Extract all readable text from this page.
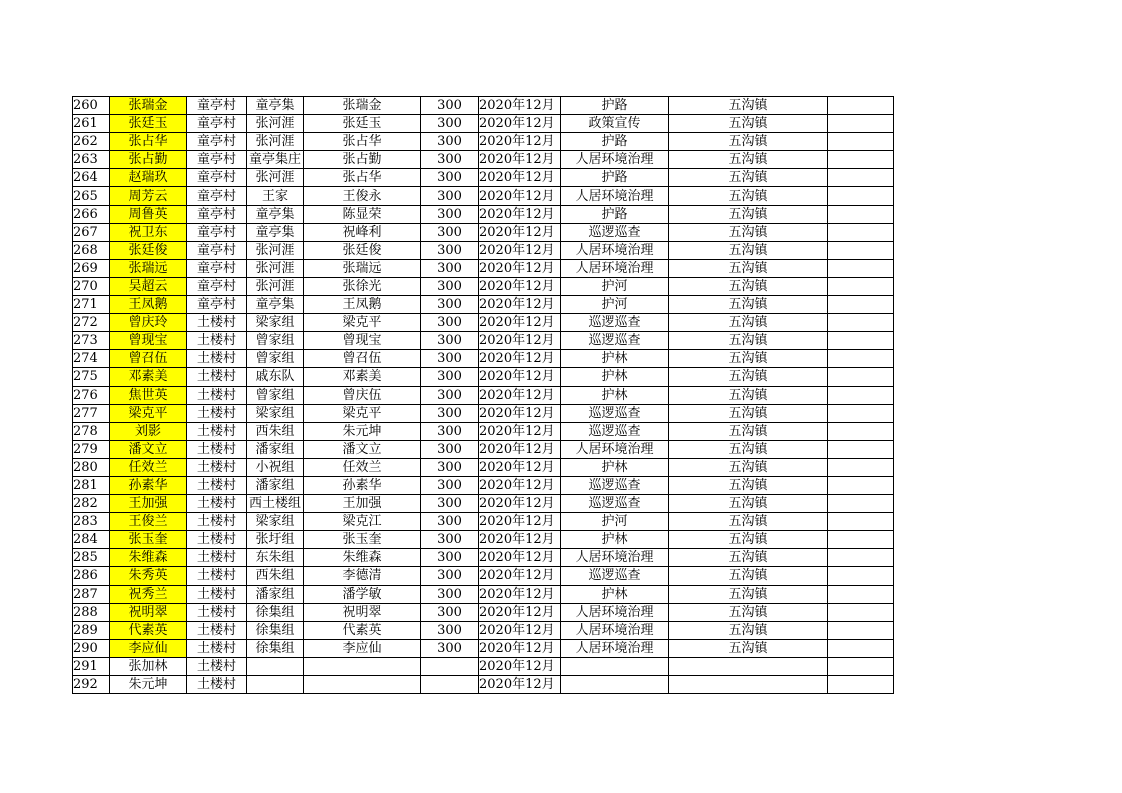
260	张瑞金	童亭村	童亭集	张瑞金	300	2020年12月	护路	五沟镇	
261	张廷玉	童亭村	张河涯	张廷玉	300	2020年12月	政策宣传	五沟镇	
262	张占华	童亭村	张河涯	张占华	300	2020年12月	护路	五沟镇	
263	张占勤	童亭村	童亭集庄	张占勤	300	2020年12月	人居环境治理	五沟镇	
264	赵瑞玖	童亭村	张河涯	张占华	300	2020年12月	护路	五沟镇	
265	周芳云	童亭村	王家	王俊永	300	2020年12月	人居环境治理	五沟镇	
266	周鲁英	童亭村	童亭集	陈显荣	300	2020年12月	护路	五沟镇	
267	祝卫东	童亭村	童亭集	祝峰利	300	2020年12月	巡逻巡查	五沟镇	
268	张廷俊	童亭村	张河涯	张廷俊	300	2020年12月	人居环境治理	五沟镇	
269	张瑞远	童亭村	张河涯	张瑞远	300	2020年12月	人居环境治理	五沟镇	
270	吴超云	童亭村	张河涯	张徐光	300	2020年12月	护河	五沟镇	
271	王凤鹅	童亭村	童亭集	王凤鹅	300	2020年12月	护河	五沟镇	
272	曾庆玲	土楼村	梁家组	梁克平	300	2020年12月	巡逻巡查	五沟镇	
273	曾现宝	土楼村	曾家组	曾现宝	300	2020年12月	巡逻巡查	五沟镇	
274	曾召伍	土楼村	曾家组	曾召伍	300	2020年12月	护林	五沟镇	
275	邓素美	土楼村	戚东队	邓素美	300	2020年12月	护林	五沟镇	
276	焦世英	土楼村	曾家组	曾庆伍	300	2020年12月	护林	五沟镇	
277	梁克平	土楼村	梁家组	梁克平	300	2020年12月	巡逻巡查	五沟镇	
278	刘影	土楼村	西朱组	朱元坤	300	2020年12月	巡逻巡查	五沟镇	
279	潘文立	土楼村	潘家组	潘文立	300	2020年12月	人居环境治理	五沟镇	
280	任效兰	土楼村	小祝组	任效兰	300	2020年12月	护林	五沟镇	
281	孙素华	土楼村	潘家组	孙素华	300	2020年12月	巡逻巡查	五沟镇	
282	王加强	土楼村	西土楼组	王加强	300	2020年12月	巡逻巡查	五沟镇	
283	王俊兰	土楼村	梁家组	梁克江	300	2020年12月	护河	五沟镇	
284	张玉奎	土楼村	张圩组	张玉奎	300	2020年12月	护林	五沟镇	
285	朱维森	土楼村	东朱组	朱维森	300	2020年12月	人居环境治理	五沟镇	
286	朱秀英	土楼村	西朱组	李德清	300	2020年12月	巡逻巡查	五沟镇	
287	祝秀兰	土楼村	潘家组	潘学敏	300	2020年12月	护林	五沟镇	
288	祝明翠	土楼村	徐集组	祝明翠	300	2020年12月	人居环境治理	五沟镇	
289	代素英	土楼村	徐集组	代素英	300	2020年12月	人居环境治理	五沟镇	
290	李应仙	土楼村	徐集组	李应仙	300	2020年12月	人居环境治理	五沟镇	
291	张加林	土楼村				2020年12月			
292	朱元坤	土楼村				2020年12月			
